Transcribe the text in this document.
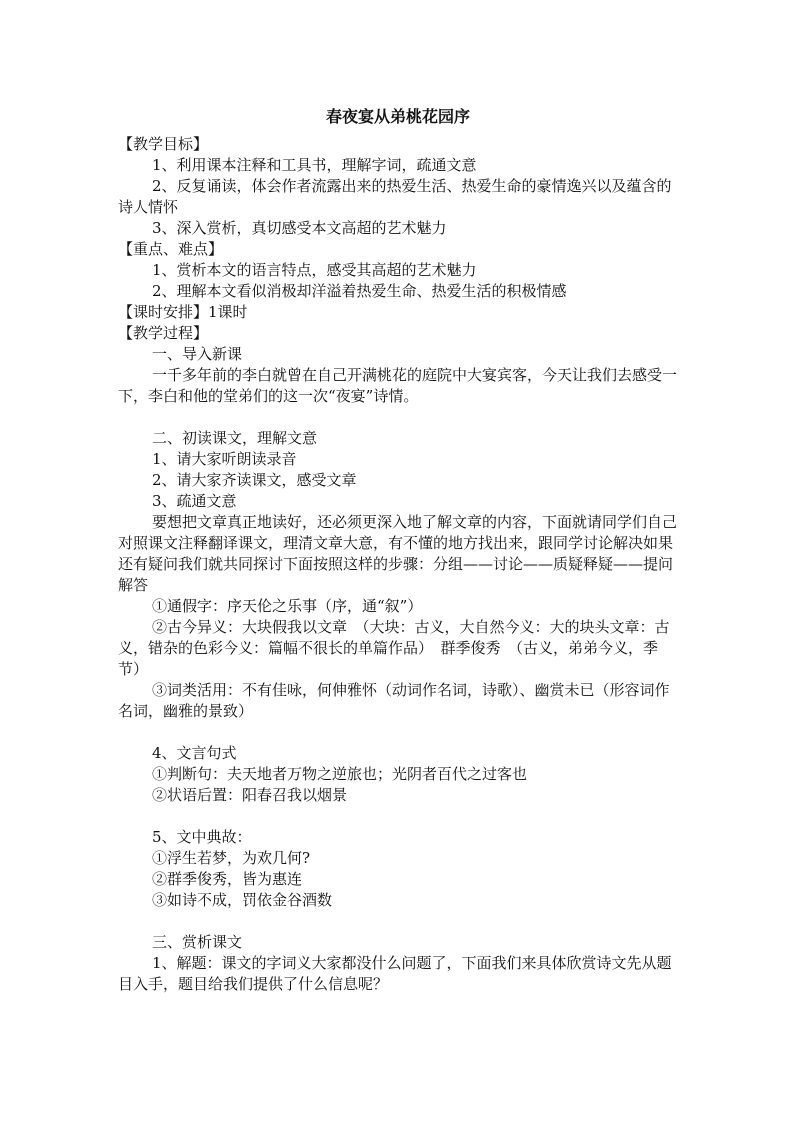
春夜宴从弟桃花园序

【教学目标】

1、利用课本注释和工具书，理解字词，疏通文意

2、反复诵读，体会作者流露出来的热爱生活、热爱生命的豪情逸兴以及蕴含的诗人情怀

3、深入赏析，真切感受本文高超的艺术魅力

【重点、难点】

1、赏析本文的语言特点，感受其高超的艺术魅力

2、理解本文看似消极却洋溢着热爱生命、热爱生活的积极情感

【课时安排】1课时

【教学过程】

一、导入新课

一千多年前的李白就曾在自己开满桃花的庭院中大宴宾客，今天让我们去感受一下，李白和他的堂弟们的这一次“夜宴”诗情。

二、初读课文，理解文意

1、请大家听朗读录音

2、请大家齐读课文，感受文章

3、疏通文意

要想把文章真正地读好，还必须更深入地了解文章的内容，下面就请同学们自己对照课文注释翻译课文，理清文章大意，有不懂的地方找出来，跟同学讨论解决如果还有疑问我们就共同探讨下面按照这样的步骤：分组——讨论——质疑释疑——提问解答

①通假字：序天伦之乐事（序，通“叙”）

②古今异义：大块假我以文章　（大块：古义，大自然今义：大的块头文章：古义，错杂的色彩今义：篇幅不很长的单篇作品）　群季俊秀　（古义，弟弟今义，季节）

③词类活用：不有佳咏，何伸雅怀（动词作名词，诗歌）、幽赏未已（形容词作名词，幽雅的景致）

4、文言句式

①判断句：夫天地者万物之逆旅也；光阴者百代之过客也

②状语后置：阳春召我以烟景

5、文中典故：

①浮生若梦，为欢几何?

②群季俊秀，皆为惠连

③如诗不成，罚依金谷酒数

三、赏析课文

1、解题：课文的字词义大家都没什么问题了，下面我们来具体欣赏诗文先从题目入手，题目给我们提供了什么信息呢？
